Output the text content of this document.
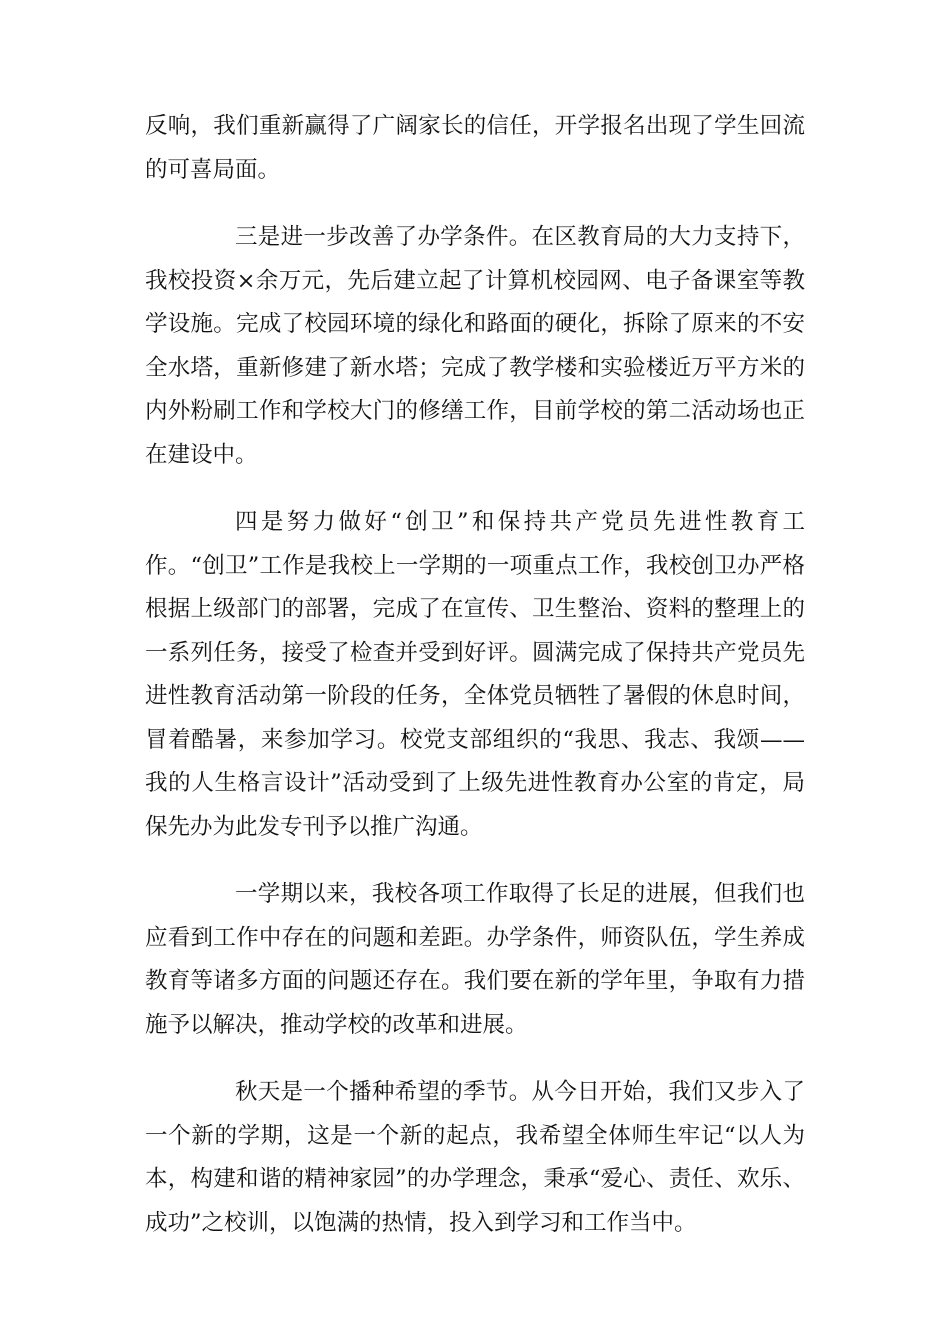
反响，我们重新赢得了广阔家长的信任，开学报名出现了学生回流的可喜局面。

三是进一步改善了办学条件。在区教育局的大力支持下，我校投资×余万元，先后建立起了计算机校园网、电子备课室等教学设施。完成了校园环境的绿化和路面的硬化，拆除了原来的不安全水塔，重新修建了新水塔；完成了教学楼和实验楼近万平方米的内外粉刷工作和学校大门的修缮工作，目前学校的第二活动场也正在建设中。

四是努力做好“创卫”和保持共产党员先进性教育工作。“创卫”工作是我校上一学期的一项重点工作，我校创卫办严格根据上级部门的部署，完成了在宣传、卫生整治、资料的整理上的一系列任务，接受了检查并受到好评。圆满完成了保持共产党员先进性教育活动第一阶段的任务，全体党员牺牲了暑假的休息时间，冒着酷暑，来参加学习。校党支部组织的“我思、我志、我颂——我的人生格言设计”活动受到了上级先进性教育办公室的肯定，局保先办为此发专刊予以推广沟通。

一学期以来，我校各项工作取得了长足的进展，但我们也应看到工作中存在的问题和差距。办学条件，师资队伍，学生养成教育等诸多方面的问题还存在。我们要在新的学年里，争取有力措施予以解决，推动学校的改革和进展。

秋天是一个播种希望的季节。从今日开始，我们又步入了一个新的学期，这是一个新的起点，我希望全体师生牢记“以人为本，构建和谐的精神家园”的办学理念，秉承“爱心、责任、欢乐、成功”之校训，以饱满的热情，投入到学习和工作当中。
